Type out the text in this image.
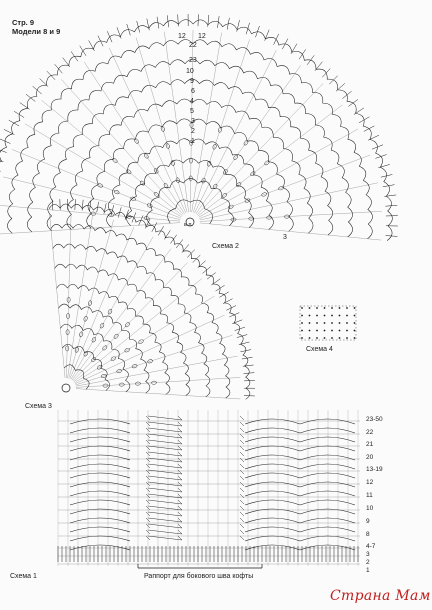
Стр. 9
Модели 8 и 9
12 12
22
23
10
9
6
4
5
3
2
1
в.п.
3
Схема 2
Схема 4
Схема 3
Схема 1	Раппорт для бокового шва кофты
23-50
22
21
20
13-19
12
11
10
9
8
4-7
3
2
1
Страна Мам
